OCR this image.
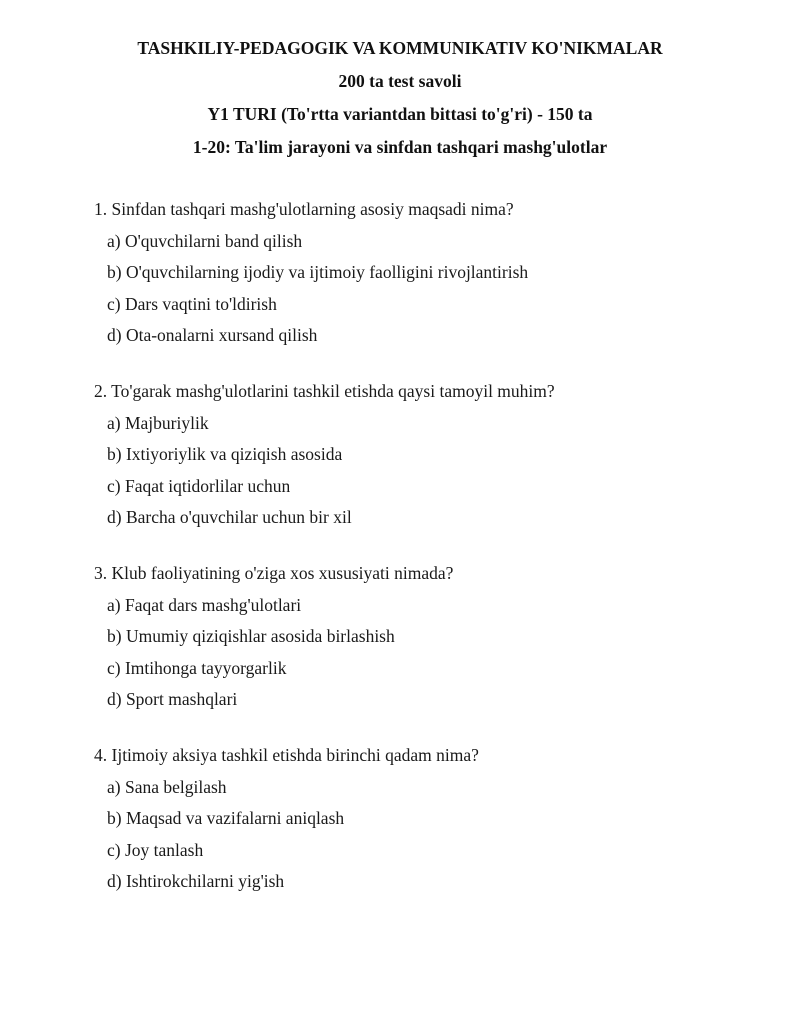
TASHKILIY-PEDAGOGIK VA KOMMUNIKATIV KO'NIKMALAR

200 ta test savoli

Y1 TURI (To'rtta variantdan bittasi to'g'ri) - 150 ta

1-20: Ta'lim jarayoni va sinfdan tashqari mashg'ulotlar

1. Sinfdan tashqari mashg'ulotlarning asosiy maqsadi nima?

a) O'quvchilarni band qilish

b) O'quvchilarning ijodiy va ijtimoiy faolligini rivojlantirish

c) Dars vaqtini to'ldirish

d) Ota-onalarni xursand qilish

2. To'garak mashg'ulotlarini tashkil etishda qaysi tamoyil muhim?

a) Majburiylik

b) Ixtiyoriylik va qiziqish asosida

c) Faqat iqtidorlilar uchun

d) Barcha o'quvchilar uchun bir xil

3. Klub faoliyatining o'ziga xos xususiyati nimada?

a) Faqat dars mashg'ulotlari

b) Umumiy qiziqishlar asosida birlashish

c) Imtihonga tayyorgarlik

d) Sport mashqlari

4. Ijtimoiy aksiya tashkil etishda birinchi qadam nima?

a) Sana belgilash

b) Maqsad va vazifalarni aniqlash

c) Joy tanlash

d) Ishtirokchilarni yig'ish
